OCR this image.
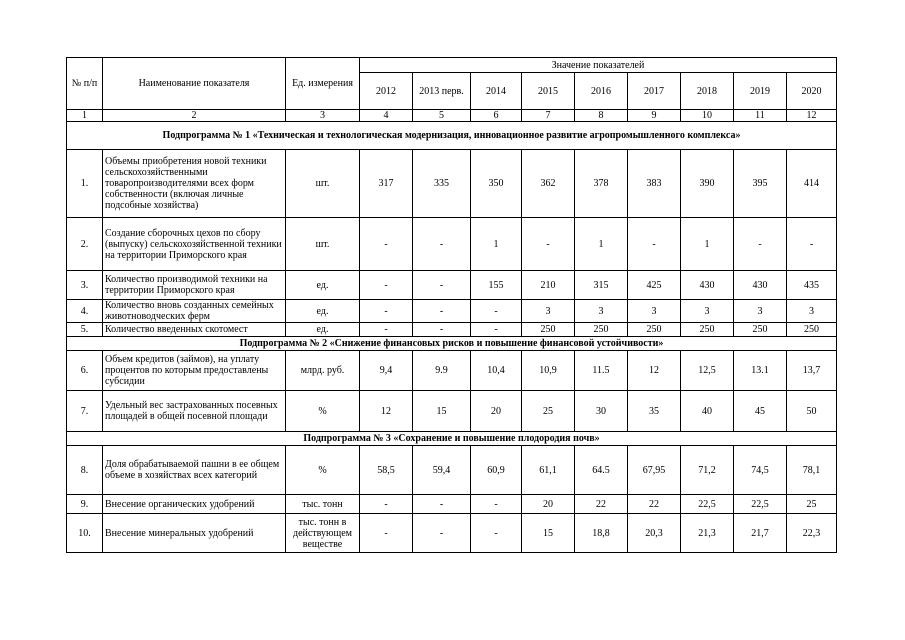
№ п/п	Наименование показателя	Ед. измерения	Значение показателей								
			2012	2013 перв.	2014	2015	2016	2017	2018	2019	2020
1	2	3	4	5	6	7	8	9	10	11	12
Подпрограмма № 1 «Техническая и технологическая модернизация, инновационное развитие агропромышленного комплекса»											
1.	Объемы приобретения новой техники сельскохозяйственными товаропроизводителями всех форм собственности (включая личные подсобные хозяйства)	шт.	317	335	350	362	378	383	390	395	414
2.	Создание сборочных цехов по сбору (выпуску) сельскохозяйственной техники на территории Приморского края	шт.	-	-	1	-	1	-	1	-	-
3.	Количество производимой техники на территории Приморского края	ед.	-	-	155	210	315	425	430	430	435
4.	Количество вновь созданных семейных животноводческих ферм	ед.	-	-	-	3	3	3	3	3	3
5.	Количество введенных скотомест	ед.	-	-	-	250	250	250	250	250	250
Подпрограмма № 2 «Снижение финансовых рисков и повышение финансовой устойчивости»											
6.	Объем кредитов (займов), на уплату процентов по которым предоставлены субсидии	млрд. руб.	9,4	9.9	10,4	10,9	11.5	12	12,5	13.1	13,7
7.	Удельный вес застрахованных посевных площадей в общей посевной площади	%	12	15	20	25	30	35	40	45	50
Подпрограмма № 3 «Сохранение и повышение плодородия почв»											
8.	Доля обрабатываемой пашни в ее общем объеме в хозяйствах всех категорий	%	58,5	59,4	60,9	61,1	64.5	67,95	71,2	74,5	78,1
9.	Внесение органических удобрений	тыс. тонн	-	-	-	20	22	22	22,5	22,5	25
10.	Внесение минеральных удобрений	тыс. тонн в действующем веществе	-	-	-	15	18,8	20,3	21,3	21,7	22,3
